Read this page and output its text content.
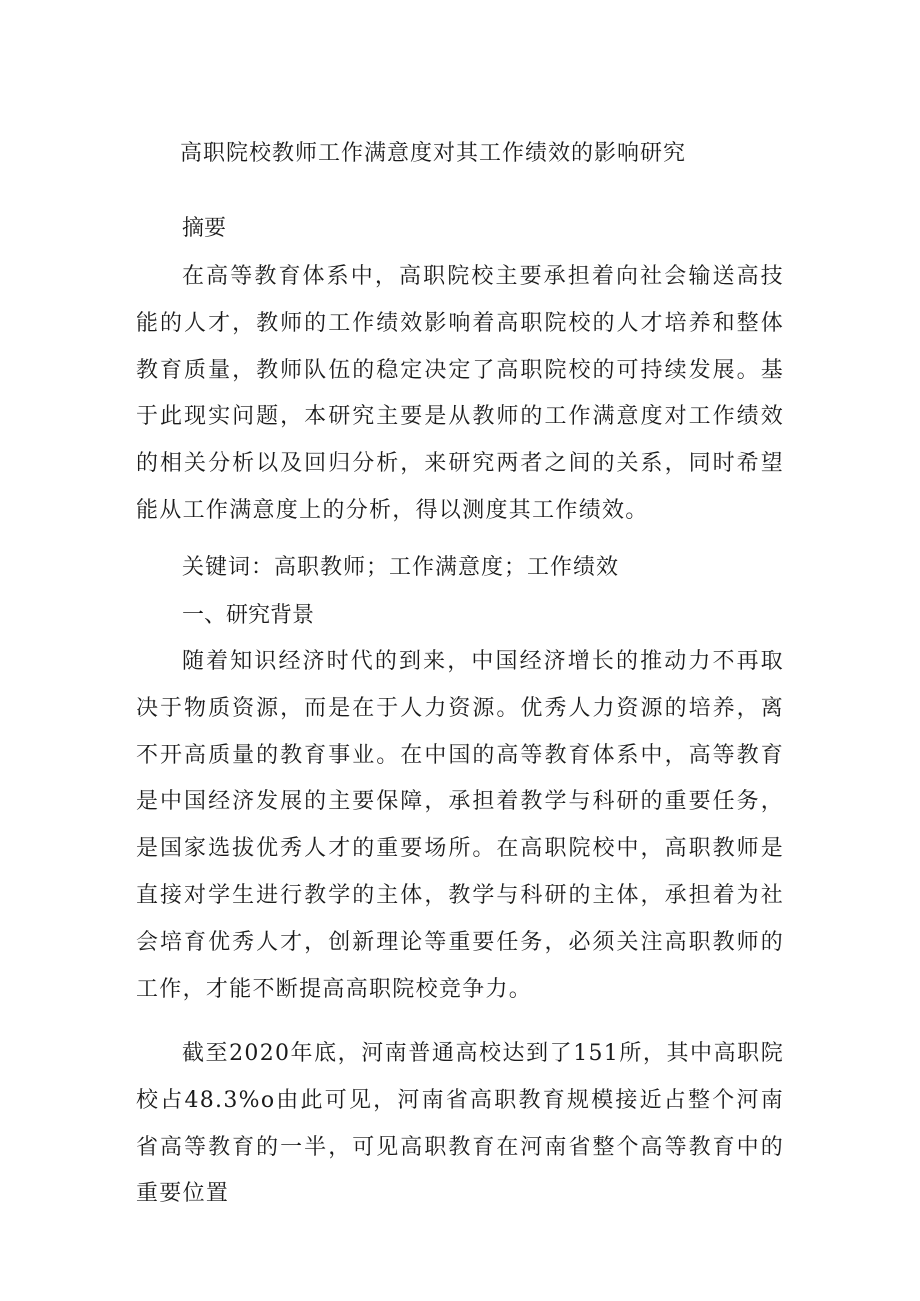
高职院校教师工作满意度对其工作绩效的影响研究
摘要

在高等教育体系中，高职院校主要承担着向社会输送高技能的人才，教师的工作绩效影响着高职院校的人才培养和整体教育质量，教师队伍的稳定决定了高职院校的可持续发展。基于此现实问题，本研究主要是从教师的工作满意度对工作绩效的相关分析以及回归分析，来研究两者之间的关系，同时希望能从工作满意度上的分析，得以测度其工作绩效。

关键词：高职教师；工作满意度；工作绩效
一、研究背景

随着知识经济时代的到来，中国经济增长的推动力不再取决于物质资源，而是在于人力资源。优秀人力资源的培养，离不开高质量的教育事业。在中国的高等教育体系中，高等教育是中国经济发展的主要保障，承担着教学与科研的重要任务，是国家选拔优秀人才的重要场所。在高职院校中，高职教师是直接对学生进行教学的主体，教学与科研的主体，承担着为社会培育优秀人才，创新理论等重要任务，必须关注高职教师的工作，才能不断提高高职院校竞争力。

截至2020年底，河南普通高校达到了151所，其中高职院校占48.3%o由此可见，河南省高职教育规模接近占整个河南省高等教育的一半，可见高职教育在河南省整个高等教育中的重要位置
